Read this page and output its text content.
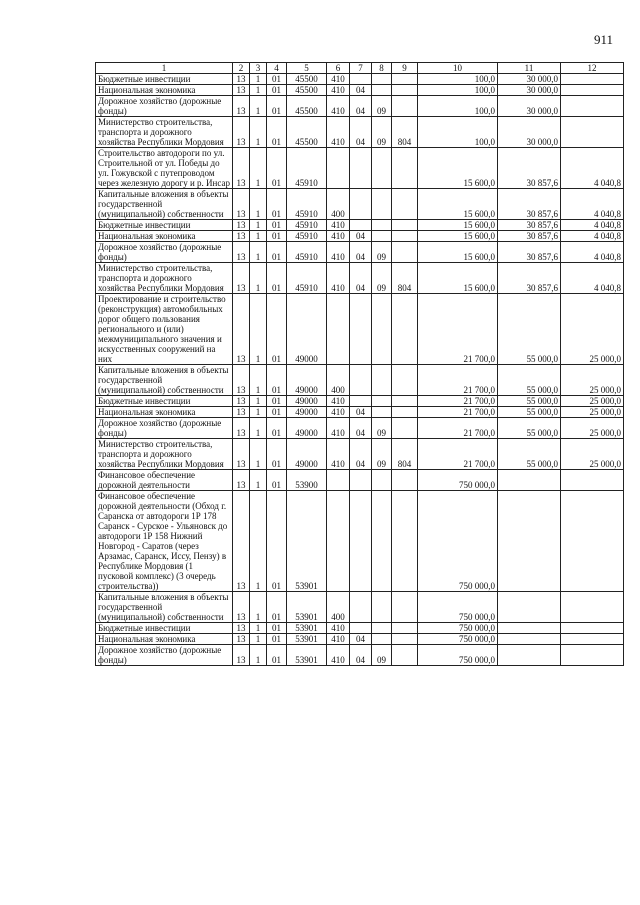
911
1	2	3	4	5	6	7	8	9	10	11	12
Бюджетные инвестиции	13	1	01	45500	410				100,0	30 000,0	
Национальная экономика	13	1	01	45500	410	04			100,0	30 000,0	
Дорожное хозяйство (дорожные фонды)	13	1	01	45500	410	04	09		100,0	30 000,0	
Министерство строительства, транспорта и дорожного хозяйства Республики Мордовия	13	1	01	45500	410	04	09	804	100,0	30 000,0	
Строительство автодороги по ул. Строительной от ул. Победы до ул. Гожувской с путепроводом через железную дорогу и р. Инсар	13	1	01	45910					15 600,0	30 857,6	4 040,8
Капитальные вложения в объекты государственной (муниципальной) собственности	13	1	01	45910	400				15 600,0	30 857,6	4 040,8
Бюджетные инвестиции	13	1	01	45910	410				15 600,0	30 857,6	4 040,8
Национальная экономика	13	1	01	45910	410	04			15 600,0	30 857,6	4 040,8
Дорожное хозяйство (дорожные фонды)	13	1	01	45910	410	04	09		15 600,0	30 857,6	4 040,8
Министерство строительства, транспорта и дорожного хозяйства Республики Мордовия	13	1	01	45910	410	04	09	804	15 600,0	30 857,6	4 040,8
Проектирование и строительство (реконструкция) автомобильных дорог общего пользования регионального и (или) межмуниципального значения и искусственных сооружений на них	13	1	01	49000					21 700,0	55 000,0	25 000,0
Капитальные вложения в объекты государственной (муниципальной) собственности	13	1	01	49000	400				21 700,0	55 000,0	25 000,0
Бюджетные инвестиции	13	1	01	49000	410				21 700,0	55 000,0	25 000,0
Национальная экономика	13	1	01	49000	410	04			21 700,0	55 000,0	25 000,0
Дорожное хозяйство (дорожные фонды)	13	1	01	49000	410	04	09		21 700,0	55 000,0	25 000,0
Министерство строительства, транспорта и дорожного хозяйства Республики Мордовия	13	1	01	49000	410	04	09	804	21 700,0	55 000,0	25 000,0
Финансовое обеспечение дорожной деятельности	13	1	01	53900					750 000,0		
Финансовое обеспечение дорожной деятельности (Обход г. Саранска от автодороги 1Р 178 Саранск - Сурское - Ульяновск до автодороги 1Р 158 Нижний Новгород - Саратов (через Арзамас, Саранск, Иссу, Пензу) в Республике Мордовия (1 пусковой комплекс) (3 очередь строительства))	13	1	01	53901					750 000,0		
Капитальные вложения в объекты государственной (муниципальной) собственности	13	1	01	53901	400				750 000,0		
Бюджетные инвестиции	13	1	01	53901	410				750 000,0		
Национальная экономика	13	1	01	53901	410	04			750 000,0		
Дорожное хозяйство (дорожные фонды)	13	1	01	53901	410	04	09		750 000,0		
